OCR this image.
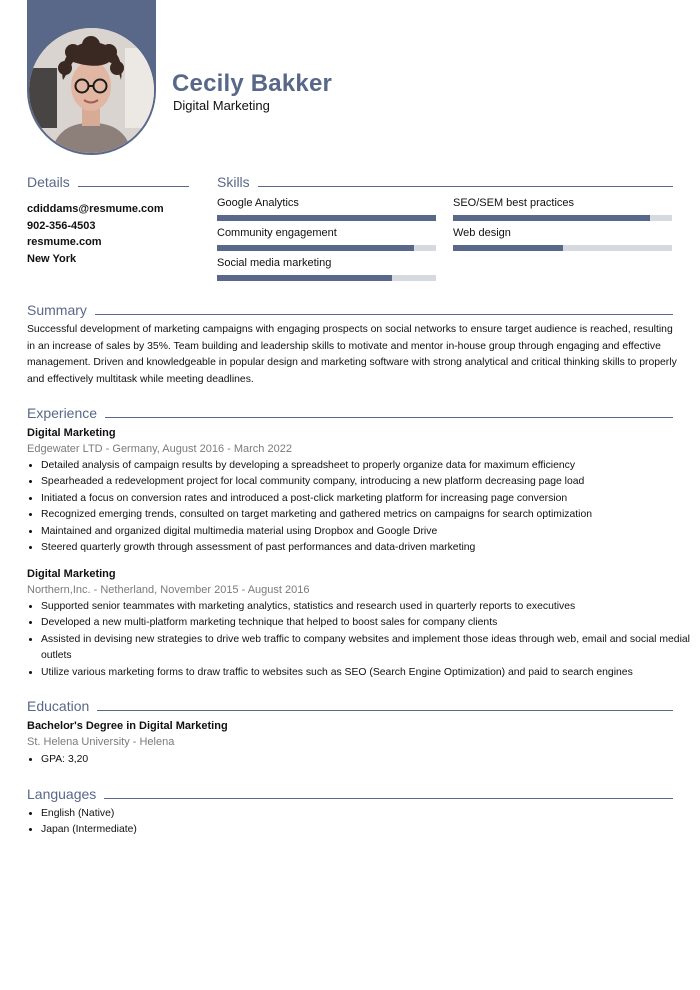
Cecily Bakker
Digital Marketing
Details
cdiddams@resmume.com
902-356-4503
resmume.com
New York
Skills
Google Analytics	SEO/SEM best practices
Community engagement	Web design
Social media marketing
Summary
Successful development of marketing campaigns with engaging prospects on social networks to ensure target audience is reached, resulting in an increase of sales by 35%. Team building and leadership skills to motivate and mentor in-house group through engaging and effective management. Driven and knowledgeable in popular design and marketing software with strong analytical and critical thinking skills to properly and effectively multitask while meeting deadlines.
Experience
Digital Marketing
Edgewater LTD - Germany, August 2016 - March 2022
• Detailed analysis of campaign results by developing a spreadsheet to properly organize data for maximum efficiency
• Spearheaded a redevelopment project for local community company, introducing a new platform decreasing page load
• Initiated a focus on conversion rates and introduced a post-click marketing platform for increasing page conversion
• Recognized emerging trends, consulted on target marketing and gathered metrics on campaigns for search optimization
• Maintained and organized digital multimedia material using Dropbox and Google Drive
• Steered quarterly growth through assessment of past performances and data-driven marketing
Digital Marketing
Northern,Inc. - Netherland, November 2015 - August 2016
• Supported senior teammates with marketing analytics, statistics and research used in quarterly reports to executives
• Developed a new multi-platform marketing technique that helped to boost sales for company clients
• Assisted in devising new strategies to drive web traffic to company websites and implement those ideas through web, email and social medial outlets
• Utilize various marketing forms to draw traffic to websites such as SEO (Search Engine Optimization) and paid to search engines
Education
Bachelor's Degree in Digital Marketing
St. Helena University - Helena
• GPA: 3,20
Languages
• English (Native)
• Japan (Intermediate)
